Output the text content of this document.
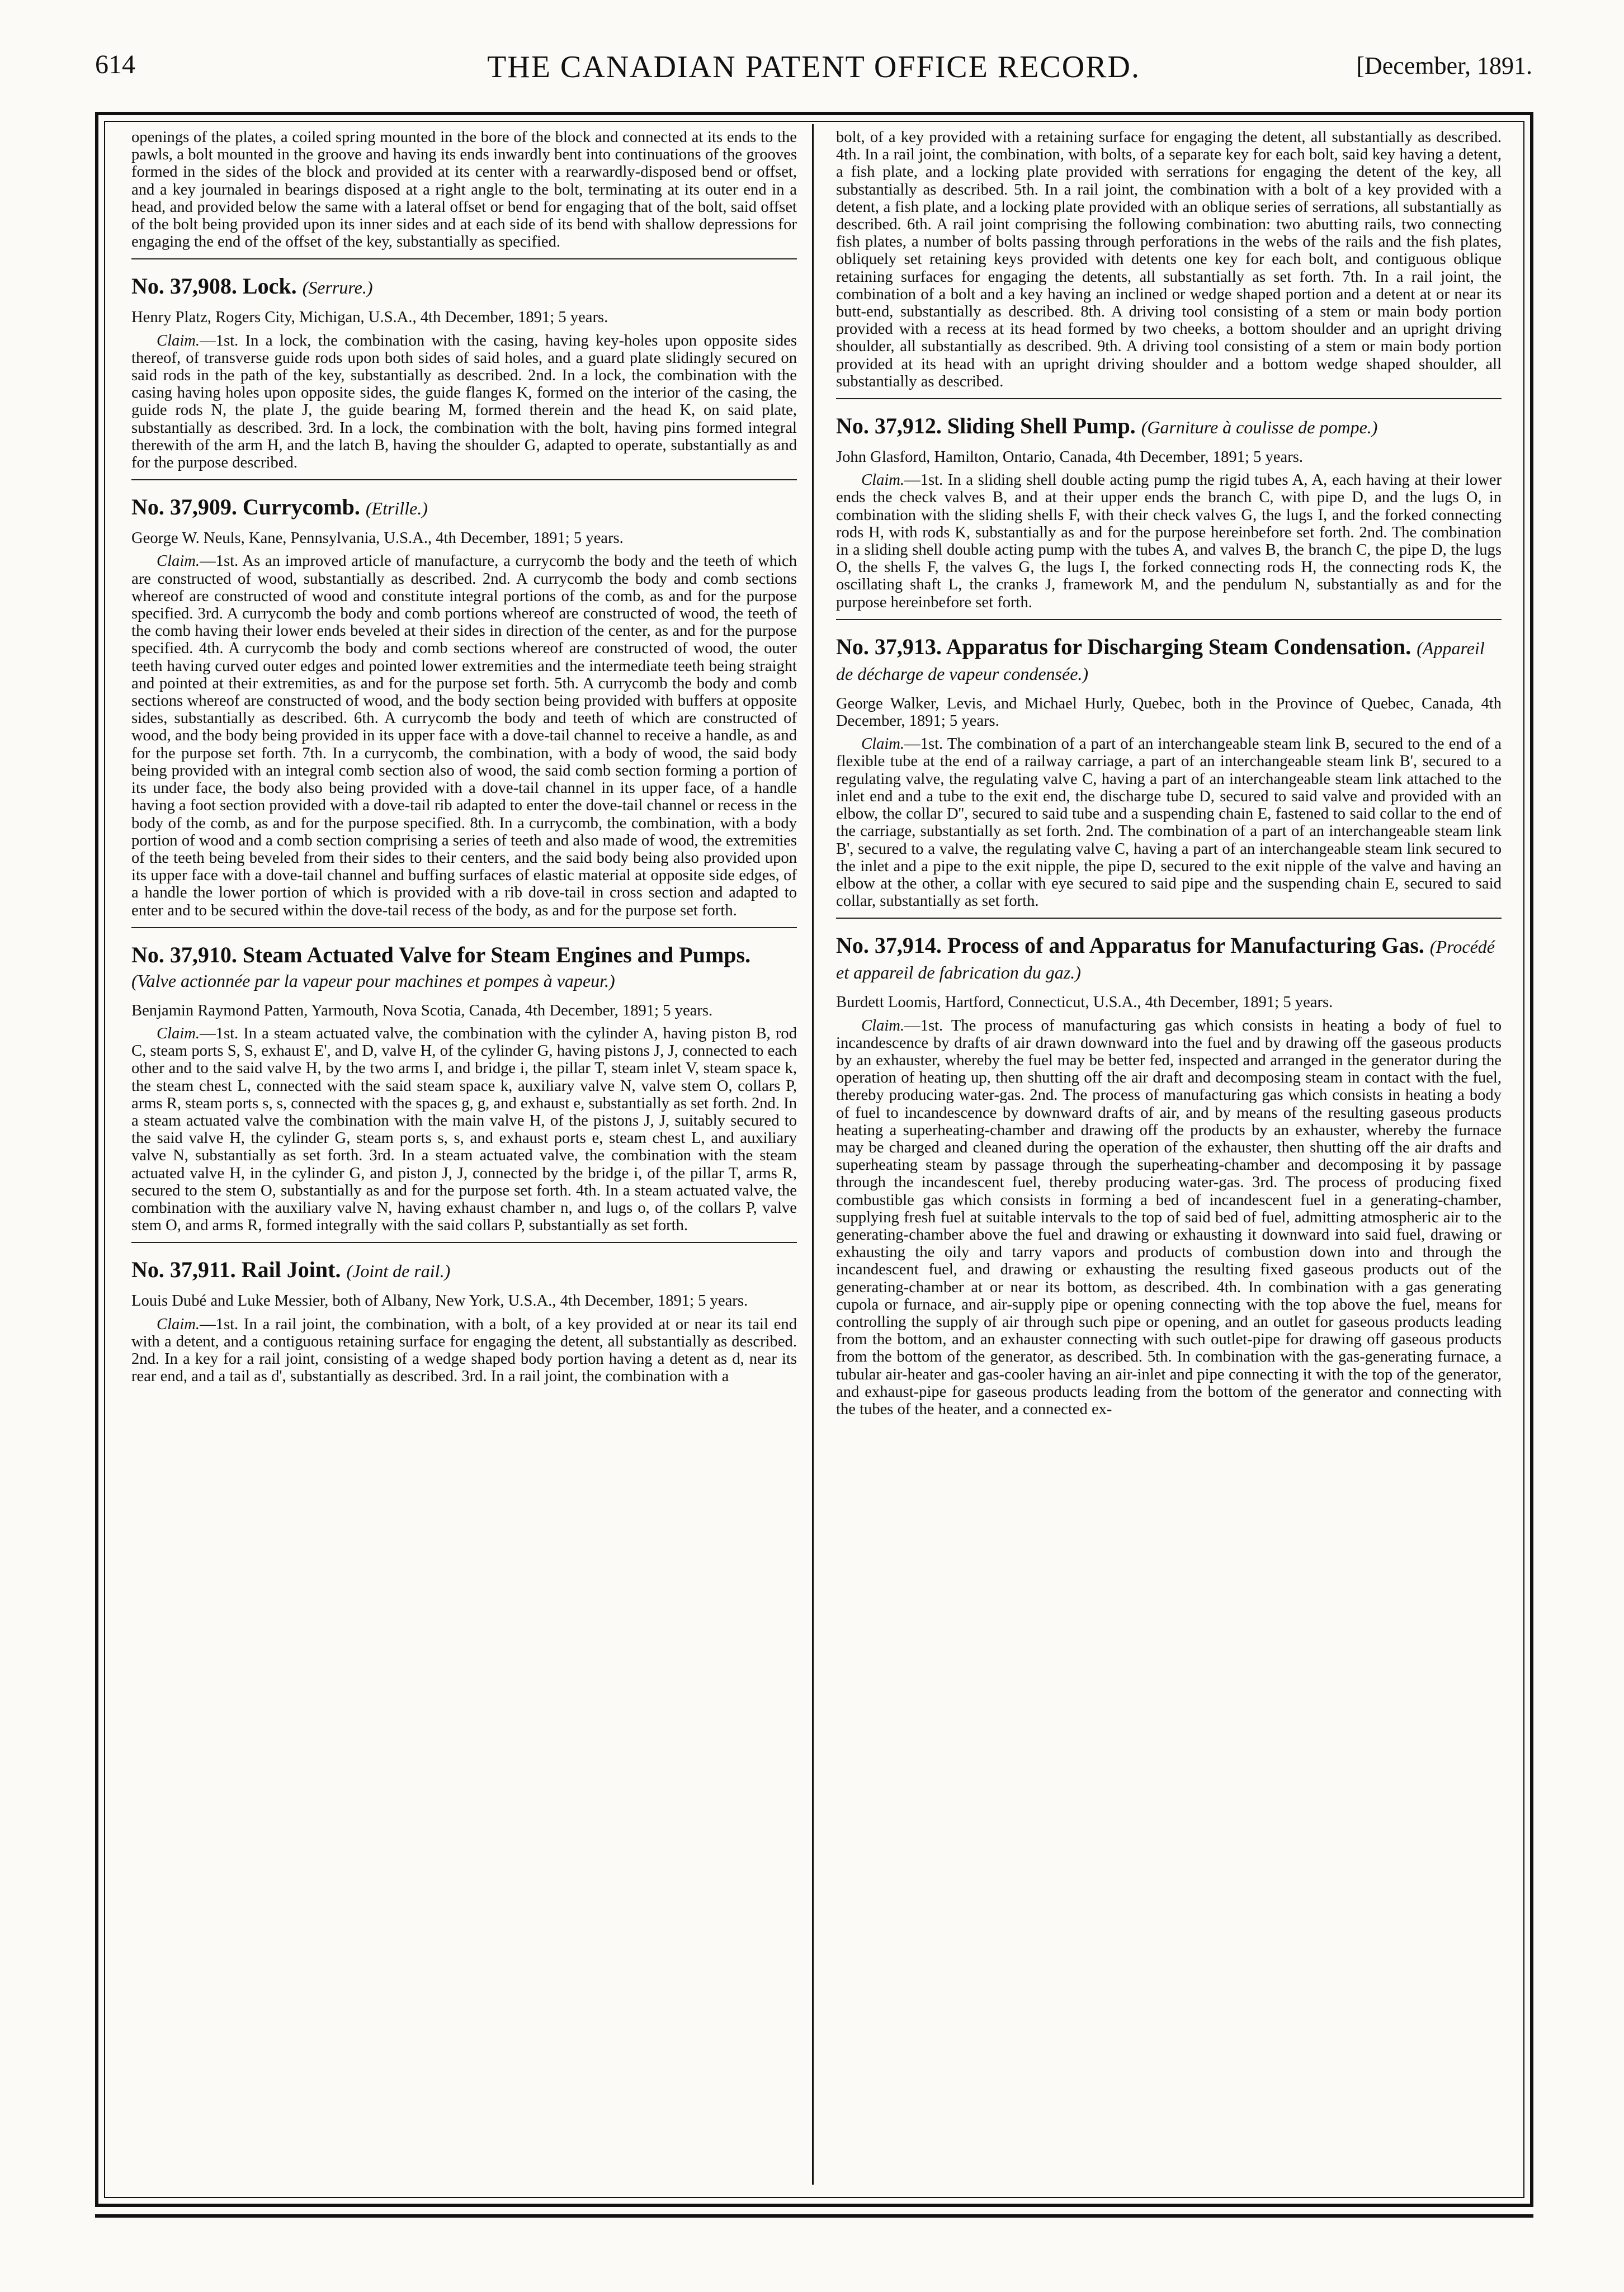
614	THE CANADIAN PATENT OFFICE RECORD.	[December, 1891.

openings of the plates, a coiled spring mounted in the bore of the block and connected at its ends to the pawls, a bolt mounted in the groove and having its ends inwardly bent into continuations of the grooves formed in the sides of the block and provided at its center with a rearwardly-disposed bend or offset, and a key journaled in bearings disposed at a right angle to the bolt, terminating at its outer end in a head, and provided below the same with a lateral offset or bend for engaging that of the bolt, said offset of the bolt being provided upon its inner sides and at each side of its bend with shallow depressions for engaging the end of the offset of the key, substantially as specified.

No. 37,908. Lock. (Serrure.)

Henry Platz, Rogers City, Michigan, U.S.A., 4th December, 1891; 5 years.

Claim.—1st. In a lock, the combination with the casing, having key-holes upon opposite sides thereof, of transverse guide rods upon both sides of said holes, and a guard plate slidingly secured on said rods in the path of the key, substantially as described. 2nd. In a lock, the combination with the casing having holes upon opposite sides, the guide flanges K, formed on the interior of the casing, the guide rods N, the plate J, the guide bearing M, formed therein and the head K, on said plate, substantially as described. 3rd. In a lock, the combination with the bolt, having pins formed integral therewith of the arm H, and the latch B, having the shoulder G, adapted to operate, substantially as and for the purpose described.

No. 37,909. Currycomb. (Etrille.)

George W. Neuls, Kane, Pennsylvania, U.S.A., 4th December, 1891; 5 years.

Claim.—1st. As an improved article of manufacture, a currycomb the body and the teeth of which are constructed of wood, substantially as described. 2nd. A currycomb the body and comb sections whereof are constructed of wood and constitute integral portions of the comb, as and for the purpose specified. 3rd. A currycomb the body and comb portions whereof are constructed of wood, the teeth of the comb having their lower ends beveled at their sides in direction of the center, as and for the purpose specified. 4th. A currycomb the body and comb sections whereof are constructed of wood, the outer teeth having curved outer edges and pointed lower extremities and the intermediate teeth being straight and pointed at their extremities, as and for the purpose set forth. 5th. A currycomb the body and comb sections whereof are constructed of wood, and the body section being provided with buffers at opposite sides, substantially as described. 6th. A currycomb the body and teeth of which are constructed of wood, and the body being provided in its upper face with a dove-tail channel to receive a handle, as and for the purpose set forth. 7th. In a currycomb, the combination, with a body of wood, the said body being provided with an integral comb section also of wood, the said comb section forming a portion of its under face, the body also being provided with a dove-tail channel in its upper face, of a handle having a foot section provided with a dove-tail rib adapted to enter the dove-tail channel or recess in the body of the comb, as and for the purpose specified. 8th. In a currycomb, the combination, with a body portion of wood and a comb section comprising a series of teeth and also made of wood, the extremities of the teeth being beveled from their sides to their centers, and the said body being also provided upon its upper face with a dove-tail channel and buffing surfaces of elastic material at opposite side edges, of a handle the lower portion of which is provided with a rib dove-tail in cross section and adapted to enter and to be secured within the dove-tail recess of the body, as and for the purpose set forth.

No. 37,910. Steam Actuated Valve for Steam Engines and Pumps. (Valve actionnée par la vapeur pour machines et pompes à vapeur.)

Benjamin Raymond Patten, Yarmouth, Nova Scotia, Canada, 4th December, 1891; 5 years.

Claim.—1st. In a steam actuated valve, the combination with the cylinder A, having piston B, rod C, steam ports S, S, exhaust E', and D, valve H, of the cylinder G, having pistons J, J, connected to each other and to the said valve H, by the two arms I, and bridge i, the pillar T, steam inlet V, steam space k, the steam chest L, connected with the said steam space k, auxiliary valve N, valve stem O, collars P, arms R, steam ports s, s, connected with the spaces g, g, and exhaust e, substantially as set forth. 2nd. In a steam actuated valve the combination with the main valve H, of the pistons J, J, suitably secured to the said valve H, the cylinder G, steam ports s, s, and exhaust ports e, steam chest L, and auxiliary valve N, substantially as set forth. 3rd. In a steam actuated valve, the combination with the steam actuated valve H, in the cylinder G, and piston J, J, connected by the bridge i, of the pillar T, arms R, secured to the stem O, substantially as and for the purpose set forth. 4th. In a steam actuated valve, the combination with the auxiliary valve N, having exhaust chamber n, and lugs o, of the collars P, valve stem O, and arms R, formed integrally with the said collars P, substantially as set forth.

No. 37,911. Rail Joint. (Joint de rail.)

Louis Dubé and Luke Messier, both of Albany, New York, U.S.A., 4th December, 1891; 5 years.

Claim.—1st. In a rail joint, the combination, with a bolt, of a key provided at or near its tail end with a detent, and a contiguous retaining surface for engaging the detent, all substantially as described. 2nd. In a key for a rail joint, consisting of a wedge shaped body portion having a detent as d, near its rear end, and a tail as d', substantially as described. 3rd. In a rail joint, the combination with a

bolt, of a key provided with a retaining surface for engaging the detent, all substantially as described. 4th. In a rail joint, the combination, with bolts, of a separate key for each bolt, said key having a detent, a fish plate, and a locking plate provided with serrations for engaging the detent of the key, all substantially as described. 5th. In a rail joint, the combination with a bolt of a key provided with a detent, a fish plate, and a locking plate provided with an oblique series of serrations, all substantially as described. 6th. A rail joint comprising the following combination: two abutting rails, two connecting fish plates, a number of bolts passing through perforations in the webs of the rails and the fish plates, obliquely set retaining keys provided with detents one key for each bolt, and contiguous oblique retaining surfaces for engaging the detents, all substantially as set forth. 7th. In a rail joint, the combination of a bolt and a key having an inclined or wedge shaped portion and a detent at or near its butt-end, substantially as described. 8th. A driving tool consisting of a stem or main body portion provided with a recess at its head formed by two cheeks, a bottom shoulder and an upright driving shoulder, all substantially as described. 9th. A driving tool consisting of a stem or main body portion provided at its head with an upright driving shoulder and a bottom wedge shaped shoulder, all substantially as described.

No. 37,912. Sliding Shell Pump. (Garniture à coulisse de pompe.)

John Glasford, Hamilton, Ontario, Canada, 4th December, 1891; 5 years.

Claim.—1st. In a sliding shell double acting pump the rigid tubes A, A, each having at their lower ends the check valves B, and at their upper ends the branch C, with pipe D, and the lugs O, in combination with the sliding shells F, with their check valves G, the lugs I, and the forked connecting rods H, with rods K, substantially as and for the purpose hereinbefore set forth. 2nd. The combination in a sliding shell double acting pump with the tubes A, and valves B, the branch C, the pipe D, the lugs O, the shells F, the valves G, the lugs I, the forked connecting rods H, the connecting rods K, the oscillating shaft L, the cranks J, framework M, and the pendulum N, substantially as and for the purpose hereinbefore set forth.

No. 37,913. Apparatus for Discharging Steam Condensation. (Appareil de décharge de vapeur condensée.)

George Walker, Levis, and Michael Hurly, Quebec, both in the Province of Quebec, Canada, 4th December, 1891; 5 years.

Claim.—1st. The combination of a part of an interchangeable steam link B, secured to the end of a flexible tube at the end of a railway carriage, a part of an interchangeable steam link B', secured to a regulating valve, the regulating valve C, having a part of an interchangeable steam link attached to the inlet end and a tube to the exit end, the discharge tube D, secured to said valve and provided with an elbow, the collar D'', secured to said tube and a suspending chain E, fastened to said collar to the end of the carriage, substantially as set forth. 2nd. The combination of a part of an interchangeable steam link B', secured to a valve, the regulating valve C, having a part of an interchangeable steam link secured to the inlet and a pipe to the exit nipple, the pipe D, secured to the exit nipple of the valve and having an elbow at the other, a collar with eye secured to said pipe and the suspending chain E, secured to said collar, substantially as set forth.

No. 37,914. Process of and Apparatus for Manufacturing Gas. (Procédé et appareil de fabrication du gaz.)

Burdett Loomis, Hartford, Connecticut, U.S.A., 4th December, 1891; 5 years.

Claim.—1st. The process of manufacturing gas which consists in heating a body of fuel to incandescence by drafts of air drawn downward into the fuel and by drawing off the gaseous products by an exhauster, whereby the fuel may be better fed, inspected and arranged in the generator during the operation of heating up, then shutting off the air draft and decomposing steam in contact with the fuel, thereby producing water-gas. 2nd. The process of manufacturing gas which consists in heating a body of fuel to incandescence by downward drafts of air, and by means of the resulting gaseous products heating a superheating-chamber and drawing off the products by an exhauster, whereby the furnace may be charged and cleaned during the operation of the exhauster, then shutting off the air drafts and superheating steam by passage through the superheating-chamber and decomposing it by passage through the incandescent fuel, thereby producing water-gas. 3rd. The process of producing fixed combustible gas which consists in forming a bed of incandescent fuel in a generating-chamber, supplying fresh fuel at suitable intervals to the top of said bed of fuel, admitting atmospheric air to the generating-chamber above the fuel and drawing or exhausting it downward into said fuel, drawing or exhausting the oily and tarry vapors and products of combustion down into and through the incandescent fuel, and drawing or exhausting the resulting fixed gaseous products out of the generating-chamber at or near its bottom, as described. 4th. In combination with a gas generating cupola or furnace, and air-supply pipe or opening connecting with the top above the fuel, means for controlling the supply of air through such pipe or opening, and an outlet for gaseous products leading from the bottom, and an exhauster connecting with such outlet-pipe for drawing off gaseous products from the bottom of the generator, as described. 5th. In combination with the gas-generating furnace, a tubular air-heater and gas-cooler having an air-inlet and pipe connecting it with the top of the generator, and exhaust-pipe for gaseous products leading from the bottom of the generator and connecting with the tubes of the heater, and a connected ex-
